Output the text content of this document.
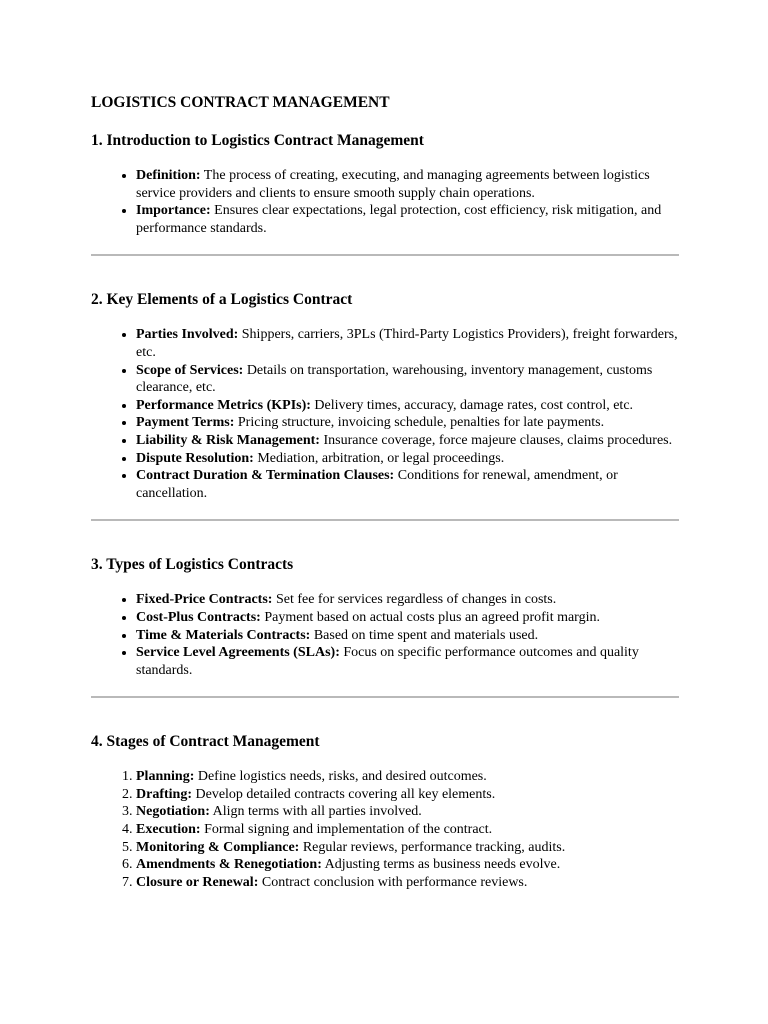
LOGISTICS CONTRACT MANAGEMENT
1. Introduction to Logistics Contract Management
• Definition: The process of creating, executing, and managing agreements between logistics service providers and clients to ensure smooth supply chain operations.
• Importance: Ensures clear expectations, legal protection, cost efficiency, risk mitigation, and performance standards.
2. Key Elements of a Logistics Contract
• Parties Involved: Shippers, carriers, 3PLs (Third-Party Logistics Providers), freight forwarders, etc.
• Scope of Services: Details on transportation, warehousing, inventory management, customs clearance, etc.
• Performance Metrics (KPIs): Delivery times, accuracy, damage rates, cost control, etc.
• Payment Terms: Pricing structure, invoicing schedule, penalties for late payments.
• Liability & Risk Management: Insurance coverage, force majeure clauses, claims procedures.
• Dispute Resolution: Mediation, arbitration, or legal proceedings.
• Contract Duration & Termination Clauses: Conditions for renewal, amendment, or cancellation.
3. Types of Logistics Contracts
• Fixed-Price Contracts: Set fee for services regardless of changes in costs.
• Cost-Plus Contracts: Payment based on actual costs plus an agreed profit margin.
• Time & Materials Contracts: Based on time spent and materials used.
• Service Level Agreements (SLAs): Focus on specific performance outcomes and quality standards.
4. Stages of Contract Management
1. Planning: Define logistics needs, risks, and desired outcomes.
2. Drafting: Develop detailed contracts covering all key elements.
3. Negotiation: Align terms with all parties involved.
4. Execution: Formal signing and implementation of the contract.
5. Monitoring & Compliance: Regular reviews, performance tracking, audits.
6. Amendments & Renegotiation: Adjusting terms as business needs evolve.
7. Closure or Renewal: Contract conclusion with performance reviews.
